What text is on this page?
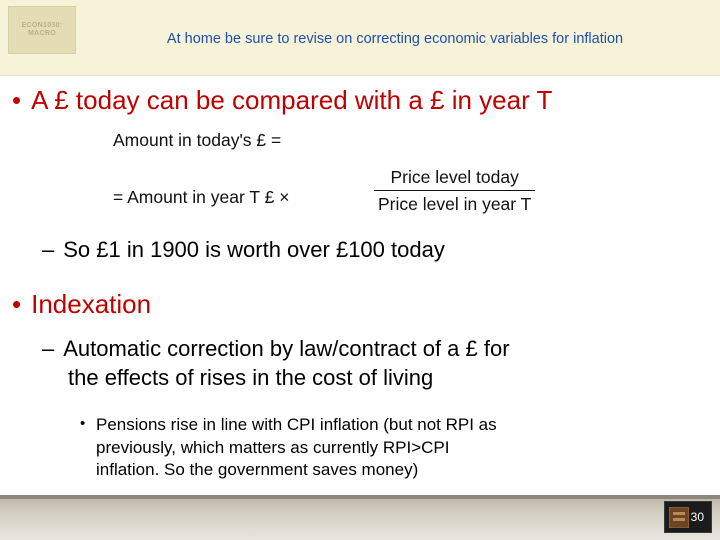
ECON1030:
MACRO	At home be sure to revise on correcting economic variables for inflation
• A £ today can be compared with a £ in year T
Amount in today's £ =
= Amount in year T £ ×
Price level today
Price level in year T
– So £1 in 1900 is worth over £100 today
• Indexation
– Automatic correction by law/contract of a £ for
the effects of rises in the cost of living
• Pensions rise in line with CPI inflation (but not RPI as
previously, which matters as currently RPI>CPI
inflation. So the government saves money)
30
